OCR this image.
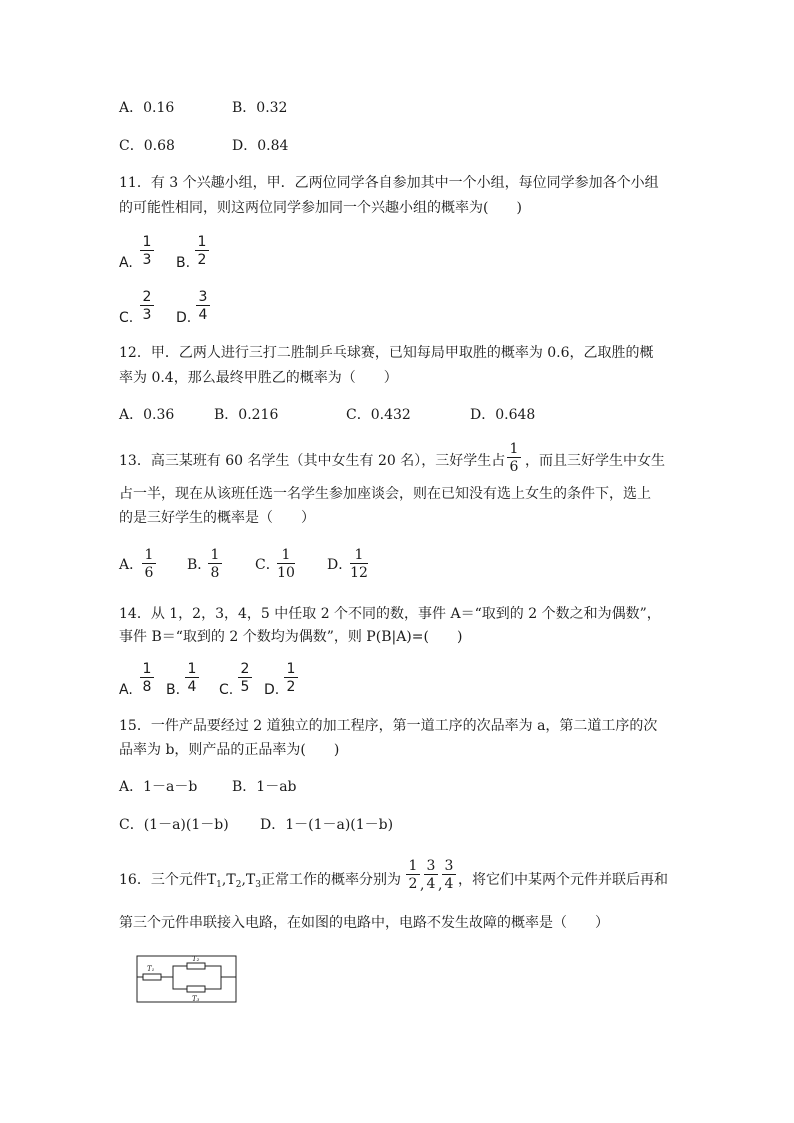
A．0.16	B．0.32
C．0.68	D．0.84
11．有 3 个兴趣小组，甲．乙两位同学各自参加其中一个小组，每位同学参加各个小组
的可能性相同，则这两位同学参加同一个兴趣小组的概率为(　　)
A.
1
3 B.
1
2
C.
2
3 D.
3
4
12．甲．乙两人进行三打二胜制乒乓球赛，已知每局甲取胜的概率为 0.6，乙取胜的概
率为 0.4，那么最终甲胜乙的概率为（　　）
A．0.36	B．0.216	C．0.432	D．0.648
13．高三某班有 60 名学生（其中女生有 20 名），三好学生占
1
6 ，而且三好学生中女生
占一半，现在从该班任选一名学生参加座谈会，则在已知没有选上女生的条件下，选上
的是三好学生的概率是（　　）
A．
1
6 B．
1
8	C．
1
10 D．
1
12
14．从 1，2，3，4，5 中任取 2 个不同的数，事件 A＝“取到的 2 个数之和为偶数”，
事件 B＝“取到的 2 个数均为偶数”，则 P(B|A)=(　　)
A.
1
8 B.
1
4 C.
2
5 D.
1
2
15．一件产品要经过 2 道独立的加工程序，第一道工序的次品率为 a，第二道工序的次
品率为 b，则产品的正品率为(　　)
A．1－a－b B．1－ab
C．(1－a)(1－b) D．1－(1－a)(1－b)
16．三个元件$T_1,T_2,T_3$正常工作的概率分别为
1
2 ,
3
4 ,
3
4 ，将它们中某两个元件并联后再和
第三个元件串联接入电路，在如图的电路中，电路不发生故障的概率是（　　）
T₁
T₂
T₃
